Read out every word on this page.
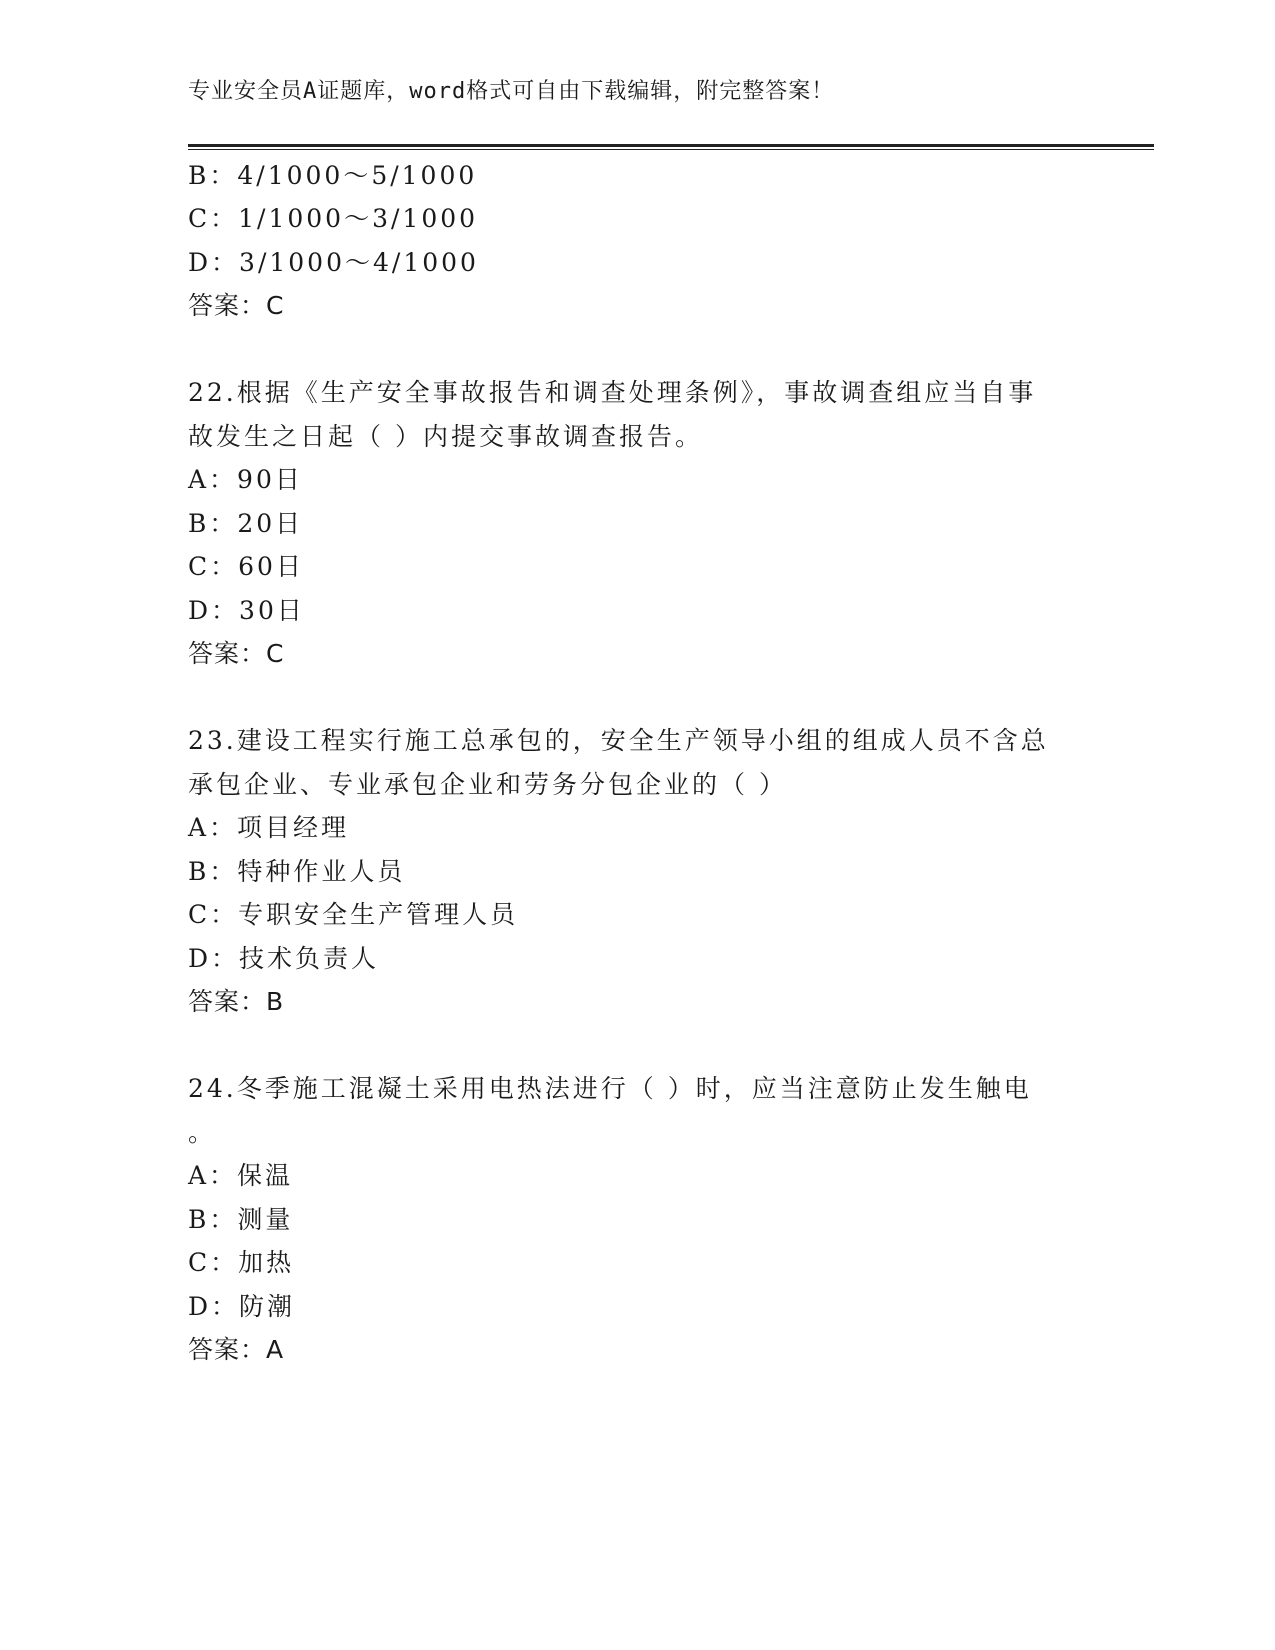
专业安全员A证题库，word格式可自由下载编辑，附完整答案！
B：4/1000～5/1000
C：1/1000～3/1000
D：3/1000～4/1000
答案：C
22.根据《生产安全事故报告和调查处理条例》，事故调查组应当自事
故发生之日起（ ）内提交事故调查报告。
A：90日
B：20日
C：60日
D：30日
答案：C
23.建设工程实行施工总承包的，安全生产领导小组的组成人员不含总
承包企业、专业承包企业和劳务分包企业的（ ）
A：项目经理
B：特种作业人员
C：专职安全生产管理人员
D：技术负责人
答案：B
24.冬季施工混凝土采用电热法进行（ ）时，应当注意防止发生触电
。
A：保温
B：测量
C：加热
D：防潮
答案：A
